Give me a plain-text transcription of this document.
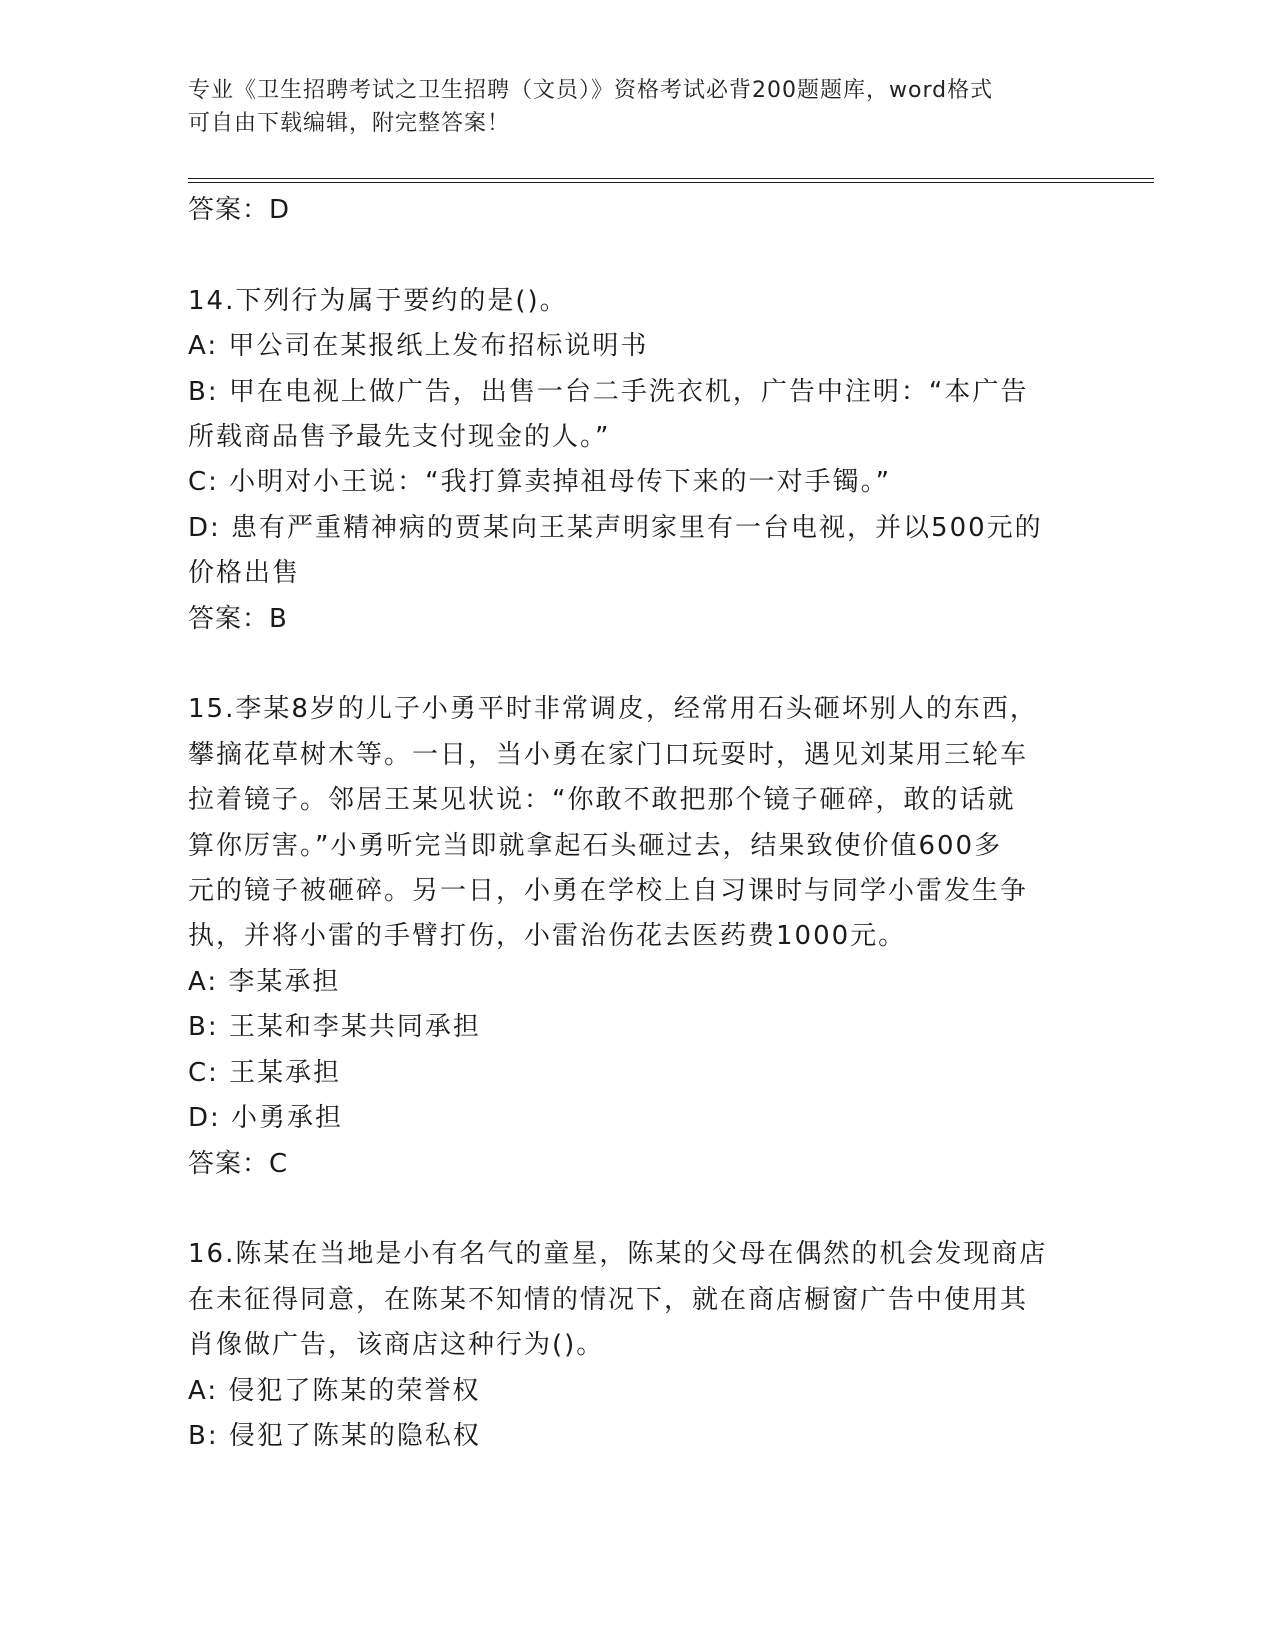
专业《卫生招聘考试之卫生招聘（文员）》资格考试必背200题题库，word格式
可自由下载编辑，附完整答案！
答案：D
14.下列行为属于要约的是()。
A: 甲公司在某报纸上发布招标说明书
B: 甲在电视上做广告，出售一台二手洗衣机，广告中注明：“本广告
所载商品售予最先支付现金的人。”
C: 小明对小王说：“我打算卖掉祖母传下来的一对手镯。”
D: 患有严重精神病的贾某向王某声明家里有一台电视，并以500元的
价格出售
答案：B
15.李某8岁的儿子小勇平时非常调皮，经常用石头砸坏别人的东西，
攀摘花草树木等。一日，当小勇在家门口玩耍时，遇见刘某用三轮车
拉着镜子。邻居王某见状说：“你敢不敢把那个镜子砸碎，敢的话就
算你厉害。”小勇听完当即就拿起石头砸过去，结果致使价值600多
元的镜子被砸碎。另一日，小勇在学校上自习课时与同学小雷发生争
执，并将小雷的手臂打伤，小雷治伤花去医药费1000元。
A: 李某承担
B: 王某和李某共同承担
C: 王某承担
D: 小勇承担
答案：C
16.陈某在当地是小有名气的童星，陈某的父母在偶然的机会发现商店
在未征得同意，在陈某不知情的情况下，就在商店橱窗广告中使用其
肖像做广告，该商店这种行为()。
A: 侵犯了陈某的荣誉权
B: 侵犯了陈某的隐私权
